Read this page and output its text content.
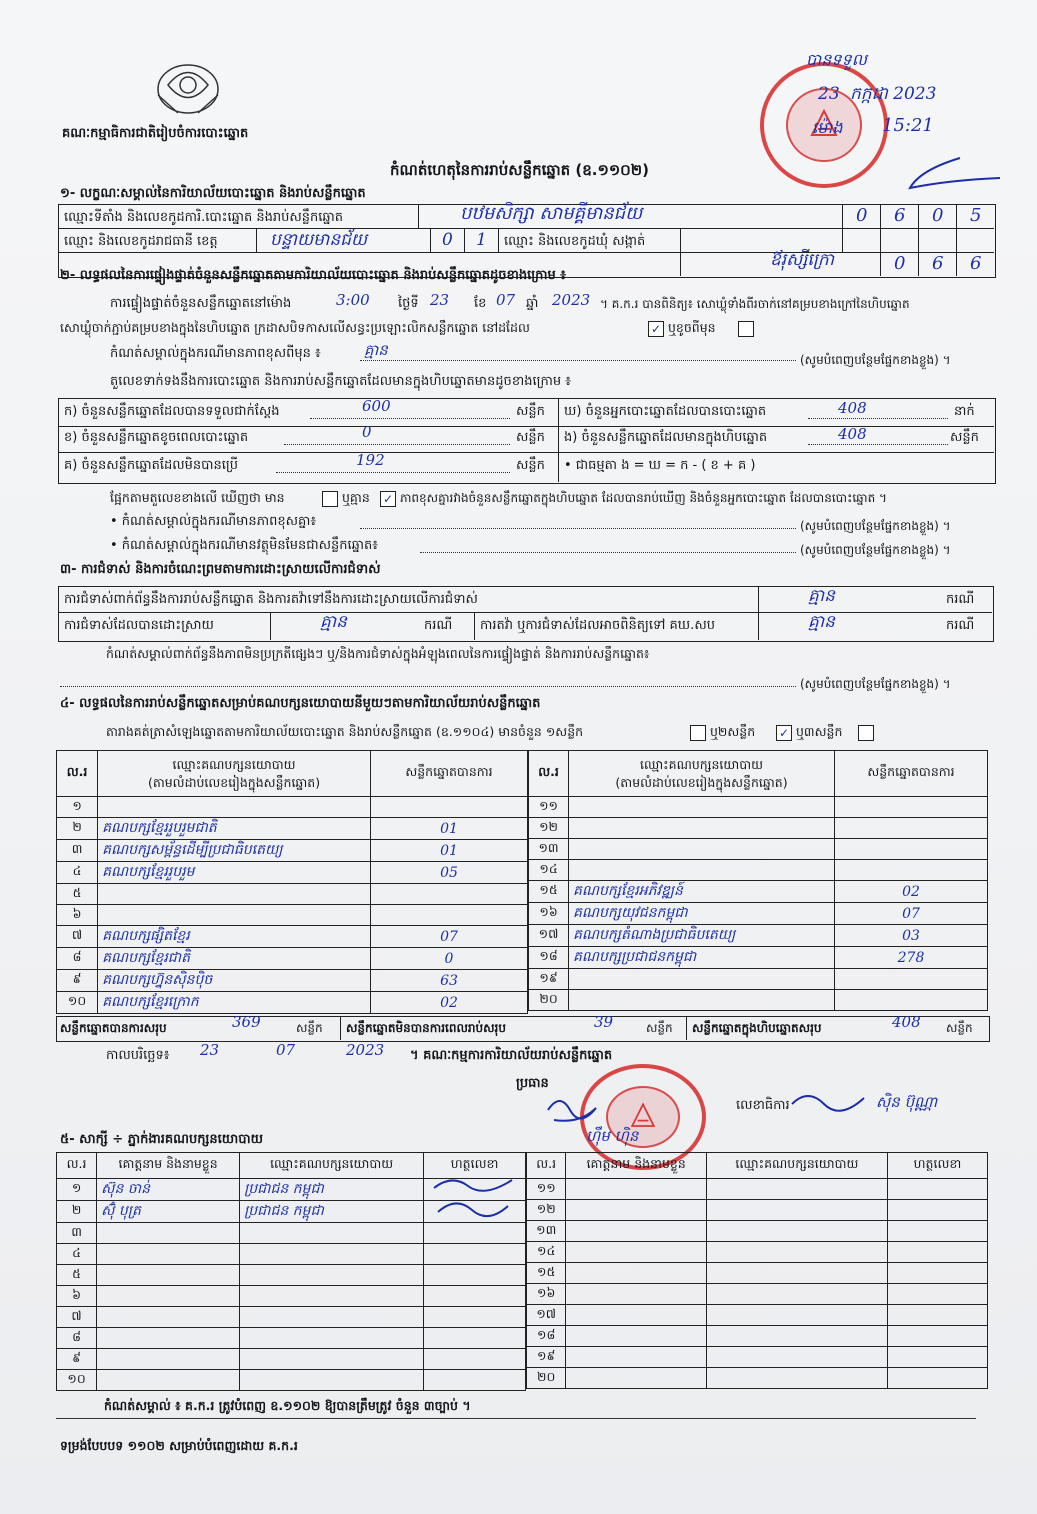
គណៈកម្មាធិការជាតិរៀបចំការបោះឆ្នោត
បានទទួល
23 កក្កដា 2023
ម៉ោង 15:21
កំណត់ហេតុនៃការរាប់សន្លឹកឆ្នោត (ឧ.១១០២)
១- លក្ខណៈសម្គាល់នៃការិយាល័យបោះឆ្នោត និងរាប់សន្លឹកឆ្នោត
ឈ្មោះទីតាំង និងលេខកូដការិ.បោះឆ្នោត និងរាប់សន្លឹកឆ្នោត	បឋមសិក្សា សាមគ្គីមានជ័យ	0 6 0 5
ឈ្មោះ និងលេខកូដរាជធានី ខេត្ត	បន្ទាយមានជ័យ	0 1 ឈ្មោះ និងលេខកូដឃុំ សង្កាត់
ឪរុស្សីក្រោ	0 6 6
២- លទ្ធផលនៃការផ្ទៀងផ្ទាត់ចំនួនសន្លឹកឆ្នោតតាមការិយាល័យបោះឆ្នោត និងរាប់សន្លឹកឆ្នោតដូចខាងក្រោម ៖
ការផ្ទៀងផ្ទាត់ចំនួនសន្លឹកឆ្នោតនៅម៉ោង	3:00 ថ្ងៃទី 23 ខែ 07 ឆ្នាំ 2023 ។ គ.ក.រ បានពិនិត្យ៖ សោឃ្លុំទាំងពីរចាក់នៅគម្របខាងក្រៅនៃហិបឆ្នោត
សោឃ្លុំចាក់ភ្ជាប់គម្របខាងក្នុងនៃហិបឆ្នោត ក្រដាសបិទកាសលើសន្ធះប្រឡោះលិកសន្លឹកឆ្នោត នៅដដែល	✓ ឬខូចពីមុន
កំណត់សម្គាល់ក្នុងករណីមានភាពខុសពីមុន ៖	គ្មាន
(សូមបំពេញបន្ថែមផ្នែកខាងខ្លួង) ។
តួលេខទាក់ទងនឹងការបោះឆ្នោត និងការរាប់សន្លឹកឆ្នោតដែលមានក្នុងហិបឆ្នោតមានដូចខាងក្រោម ៖
ក) ចំនួនសន្លឹកឆ្នោតដែលបានទទួលជាក់ស្តែង	600	សន្លឹក
ខ) ចំនួនសន្លឹកឆ្នោតខូចពេលបោះឆ្នោត	0	សន្លឹក
គ) ចំនួនសន្លឹកឆ្នោតដែលមិនបានប្រើ	192	សន្លឹក
ឃ) ចំនួនអ្នកបោះឆ្នោតដែលបានបោះឆ្នោត	408	នាក់
ង) ចំនួនសន្លឹកឆ្នោតដែលមានក្នុងហិបឆ្នោត	408	សន្លឹក
• ជាធម្មតា ង = ឃ = ក - ( ខ + គ )
ផ្អែកតាមតួលេខខាងលើ ឃើញថា មាន	ឬគ្មាន ✓ ភាពខុសគ្នារវាងចំនួនសន្លឹកឆ្នោតក្នុងហិបឆ្នោត ដែលបានរាប់ឃើញ និងចំនួនអ្នកបោះឆ្នោត ដែលបានបោះឆ្នោត ។
• កំណត់សម្គាល់ក្នុងករណីមានភាពខុសគ្នា៖	(សូមបំពេញបន្ថែមផ្នែកខាងខ្លួង) ។
• កំណត់សម្គាល់ក្នុងករណីមានវត្ថុមិនមែនជាសន្លឹកឆ្នោត៖	(សូមបំពេញបន្ថែមផ្នែកខាងខ្លួង) ។
៣- ការជំទាស់ និងការចំណេះព្រមតាមការដោះស្រាយលើការជំទាស់
ការជំទាស់ពាក់ព័ន្ធនឹងការរាប់សន្លឹកឆ្នោត និងការតវ៉ាទៅនឹងការដោះស្រាយលើការជំទាស់	គ្មាន	ករណី
ការជំទាស់ដែលបានដោះស្រាយ	គ្មាន	ករណី ការតវ៉ា ឬការជំទាស់ដែលអាចពិនិត្យទៅ គឃ.សប	គ្មាន	ករណី
កំណត់សម្គាល់ពាក់ព័ន្ធនឹងភាពមិនប្រក្រតីផ្សេងៗ ឬ/និងការជំទាស់ក្នុងអំឡុងពេលនៃការផ្ទៀងផ្ទាត់ និងការរាប់សន្លឹកឆ្នោត៖
(សូមបំពេញបន្ថែមផ្នែកខាងខ្លួង) ។
៤- លទ្ធផលនៃការរាប់សន្លឹកឆ្នោតសម្រាប់គណបក្សនយោបាយនីមួយៗតាមការិយាល័យរាប់សន្លឹកឆ្នោត
តារាងគត់ត្រាសំឡេងឆ្នោតតាមការិយាល័យបោះឆ្នោត និងរាប់សន្លឹកឆ្នោត (ឧ.១១០៤) មានចំនួន ១សន្លឹក	ឬ២សន្លឹក ✓ ឬ៣សន្លឹក
ល.រ	ឈ្មោះគណបក្សនយោបាយ
(តាមលំដាប់លេខរៀងក្នុងសន្លឹកឆ្នោត)	សន្លឹកឆ្នោតបានការ
១		
២	គណបក្សខ្មែររួបរួមជាតិ	01
៣	គណបក្សសម្ព័ន្ធដើម្បីប្រជាធិបតេយ្យ	01
៤	គណបក្សខ្មែររួបរួម	05
៥		
៦		
៧	គណបក្សផ្សិតខ្មែរ	07
៨	គណបក្សខ្មែរជាតិ	0
៩	គណបក្សហ្វ៊ុនស៊ិនប៉ិច	63
១០	គណបក្សខ្មែរក្រោក	02
ល.រ	ឈ្មោះគណបក្សនយោបាយ
(តាមលំដាប់លេខរៀងក្នុងសន្លឹកឆ្នោត)	សន្លឹកឆ្នោតបានការ
១១		
១២		
១៣		
១៤		
១៥	គណបក្សខ្មែរអភិវឌ្ឍន៍	02
១៦	គណបក្សយុវជនកម្ពុជា	07
១៧	គណបក្សតំណាងប្រជាធិបតេយ្យ	03
១៨	គណបក្សប្រជាជនកម្ពុជា	278
១៩		
២០		
សន្លឹកឆ្នោតបានការសរុប	369	សន្លឹក សន្លឹកឆ្នោតមិនបានការពេលរាប់សរុប	39	សន្លឹក សន្លឹកឆ្នោតក្នុងហិបឆ្នោតសរុប	408 សន្លឹក
កាលបរិច្ឆេទ៖ 23	07	2023 ។ គណៈកម្មការការិយាល័យរាប់សន្លឹកឆ្នោត
ប្រធាន
ហ៊ឹម ហ៊ិន
លេខាធិការ	ស៊ិន ប៊ុណ្ណា
៥- សាក្សី ÷ ភ្នាក់ងារគណបក្សនយោបាយ
ល.រ	គោត្តនាម និងនាមខ្លួន	ឈ្មោះគណបក្សនយោបាយ	ហត្ថលេខា
១	ស៊ុន ចាន់	ប្រជាជន កម្ពុជា	
២	ស៊ុំ បុត្រ	ប្រជាជន កម្ពុជា	
៣			
៤			
៥			
៦			
៧			
៨			
៩			
១០			
ល.រ	គោត្តនាម និងនាមខ្លួន	ឈ្មោះគណបក្សនយោបាយ	ហត្ថលេខា
១១			
១២			
១៣			
១៤			
១៥			
១៦			
១៧			
១៨			
១៩			
២០			
កំណត់សម្គាល់ ៖ គ.ក.រ ត្រូវបំពេញ ឧ.១១០២ ឱ្យបានត្រឹមត្រូវ ចំនួន ៣ច្បាប់ ។
ទម្រង់បែបបទ ១១០២ សម្រាប់បំពេញដោយ គ.ក.រ
